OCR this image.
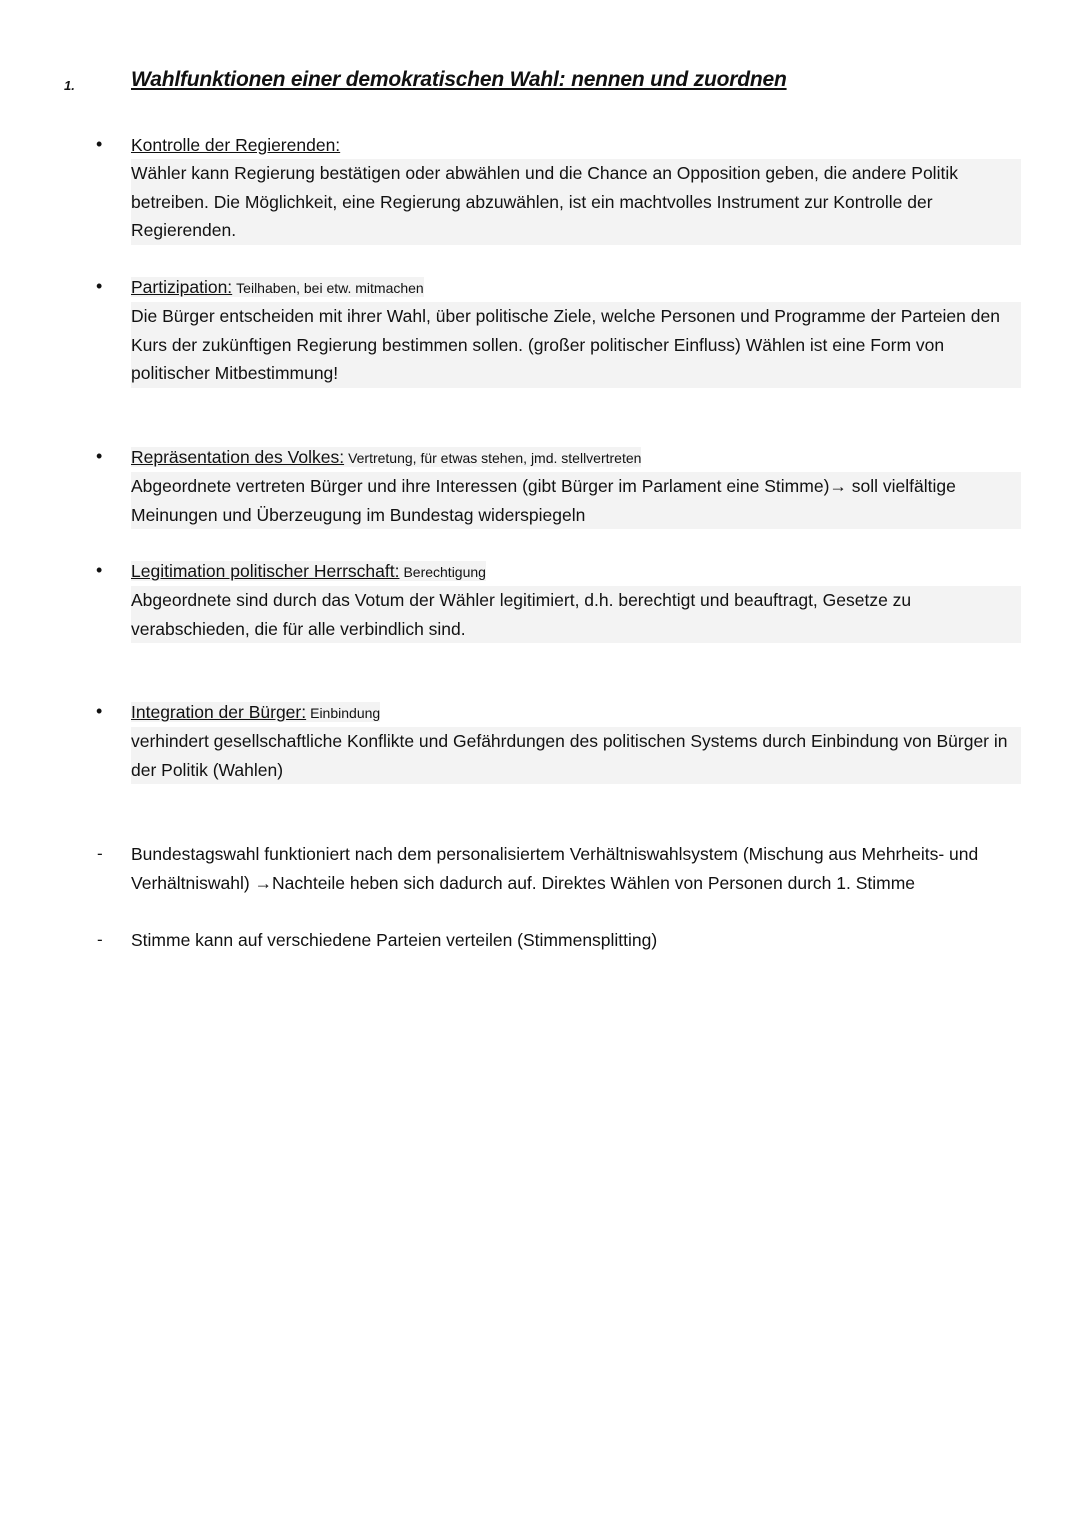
1.	Wahlfunktionen einer demokratischen Wahl: nennen und zuordnen
• Kontrolle der Regierenden:
Wähler kann Regierung bestätigen oder abwählen und die Chance an Opposition geben, die andere Politik betreiben. Die Möglichkeit, eine Regierung abzuwählen, ist ein machtvolles Instrument zur Kontrolle der Regierenden.
• Partizipation: Teilhaben, bei etw. mitmachen
Die Bürger entscheiden mit ihrer Wahl, über politische Ziele, welche Personen und Programme der Parteien den Kurs der zukünftigen Regierung bestimmen sollen. (großer politischer Einfluss) Wählen ist eine Form von politischer Mitbestimmung!
• Repräsentation des Volkes: Vertretung, für etwas stehen, jmd. stellvertreten
Abgeordnete vertreten Bürger und ihre Interessen (gibt Bürger im Parlament eine Stimme)→ soll vielfältige Meinungen und Überzeugung im Bundestag widerspiegeln
• Legitimation politischer Herrschaft: Berechtigung
Abgeordnete sind durch das Votum der Wähler legitimiert, d.h. berechtigt und beauftragt, Gesetze zu verabschieden, die für alle verbindlich sind.
• Integration der Bürger: Einbindung
verhindert gesellschaftliche Konflikte und Gefährdungen des politischen Systems durch Einbindung von Bürger in der Politik (Wahlen)
- Bundestagswahl funktioniert nach dem personalisiertem Verhältniswahlsystem (Mischung aus Mehrheits- und Verhältniswahl) →Nachteile heben sich dadurch auf. Direktes Wählen von Personen durch 1. Stimme
- Stimme kann auf verschiedene Parteien verteilen (Stimmensplitting)
